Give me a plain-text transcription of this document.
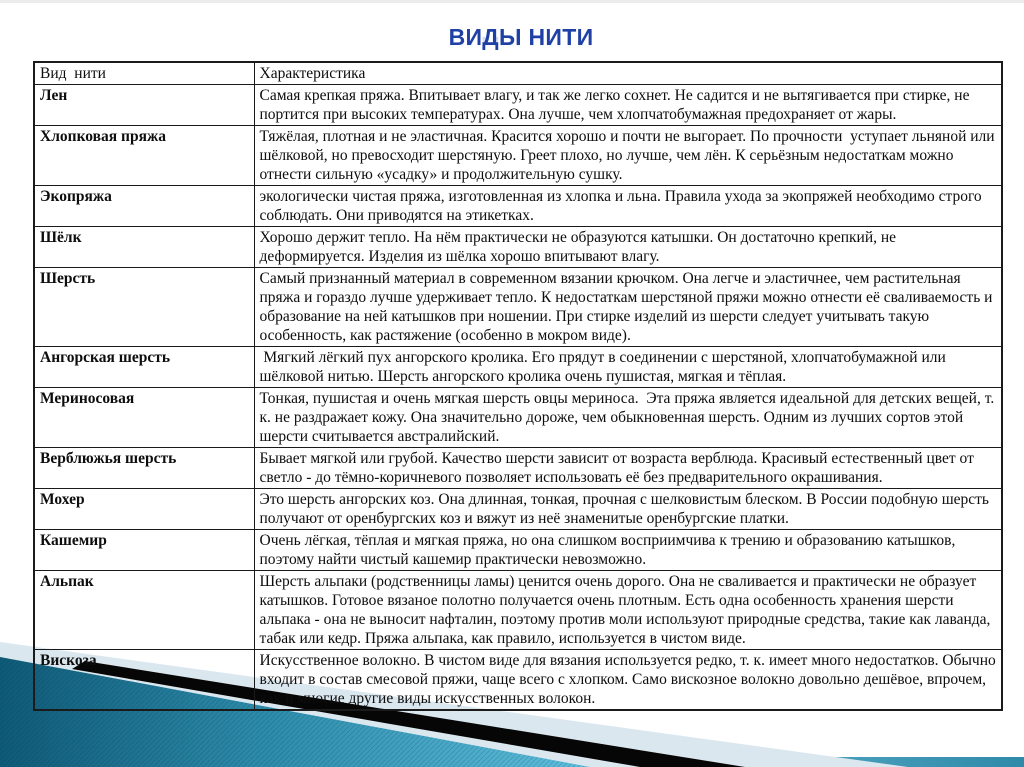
ВИДЫ НИТИ
Вид  нити	Характеристика
Лен	Самая крепкая пряжа. Впитывает влагу, и так же легко сохнет. Не садится и не вытягивается при стирке, не портится при высоких температурах. Она лучше, чем хлопчатобумажная предохраняет от жары.
Хлопковая пряжа	Тяжёлая, плотная и не эластичная. Красится хорошо и почти не выгорает. По прочности  уступает льняной или шёлковой, но превосходит шерстяную. Греет плохо, но лучше, чем лён. К серьёзным недостаткам можно отнести сильную «усадку» и продолжительную сушку.
Экопряжа	экологически чистая пряжа, изготовленная из хлопка и льна. Правила ухода за экопряжей необходимо строго соблюдать. Они приводятся на этикетках.
Шёлк	Хорошо держит тепло. На нём практически не образуются катышки. Он достаточно крепкий, не деформируется. Изделия из шёлка хорошо впитывают влагу.
Шерсть	Самый признанный материал в современном вязании крючком. Она легче и эластичнее, чем растительная пряжа и гораздо лучше удерживает тепло. К недостаткам шерстяной пряжи можно отнести её сваливаемость и образование на ней катышков при ношении. При стирке изделий из шерсти следует учитывать такую особенность, как растяжение (особенно в мокром виде).
Ангорская шерсть	Мягкий лёгкий пух ангорского кролика. Его прядут в соединении с шерстяной, хлопчатобумажной или шёлковой нитью. Шерсть ангорского кролика очень пушистая, мягкая и тёплая.
Мериносовая	Тонкая, пушистая и очень мягкая шерсть овцы мериноса.  Эта пряжа является идеальной для детских вещей, т. к. не раздражает кожу. Она значительно дороже, чем обыкновенная шерсть. Одним из лучших сортов этой шерсти считывается австралийский.
Верблюжья шерсть	Бывает мягкой или грубой. Качество шерсти зависит от возраста верблюда. Красивый естественный цвет от светло - до тёмно-коричневого позволяет использовать её без предварительного окрашивания.
Мохер	Это шерсть ангорских коз. Она длинная, тонкая, прочная с шелковистым блеском. В России подобную шерсть получают от оренбургских коз и вяжут из неё знаменитые оренбургские платки.
Кашемир	Очень лёгкая, тёплая и мягкая пряжа, но она слишком восприимчива к трению и образованию катышков, поэтому найти чистый кашемир практически невозможно.
Альпак	Шерсть альпаки (родственницы ламы) ценится очень дорого. Она не сваливается и практически не образует катышков. Готовое вязаное полотно получается очень плотным. Есть одна особенность хранения шерсти альпака - она не выносит нафталин, поэтому против моли используют природные средства, такие как лаванда, табак или кедр. Пряжа альпака, как правило, используется в чистом виде.
Вискоза	Искусственное волокно. В чистом виде для вязания используется редко, т. к. имеет много недостатков. Обычно входит в состав смесовой пряжи, чаще всего с хлопком. Само вискозное волокно довольно дешёвое, впрочем, как и многие другие виды искусственных волокон.
